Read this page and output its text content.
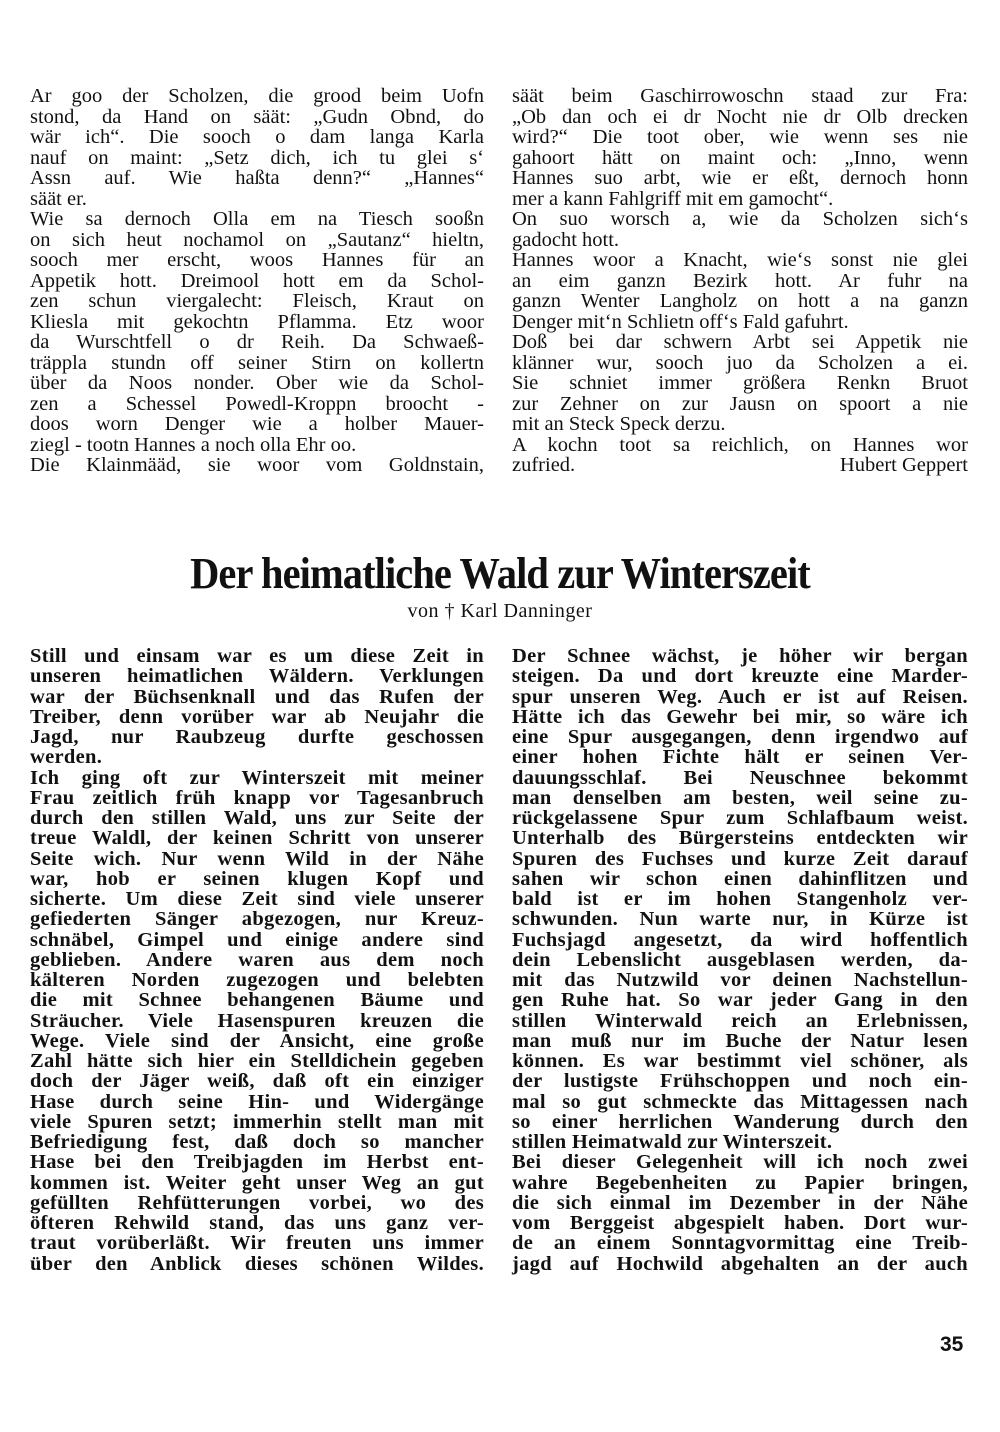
Ar goo der Scholzen, die grood beim Uofn
stond, da Hand on säät: „Gudn Obnd, do
wär ich“. Die sooch o dam langa Karla
nauf on maint: „Setz dich, ich tu glei s‘
Assn auf. Wie haßta denn?“ „Hannes“
säät er.
Wie sa dernoch Olla em na Tiesch sooßn
on sich heut nochamol on „Sautanz“ hieltn,
sooch mer erscht, woos Hannes für an
Appetik hott. Dreimool hott em da Schol-
zen schun viergalecht: Fleisch, Kraut on
Kliesla mit gekochtn Pflamma. Etz woor
da Wurschtfell o dr Reih. Da Schwaeß-
träppla stundn off seiner Stirn on kollertn
über da Noos nonder. Ober wie da Schol-
zen a Schessel Powedl-Kroppn broocht -
doos worn Denger wie a holber Mauer-
ziegl - tootn Hannes a noch olla Ehr oo.
Die Klainmääd, sie woor vom Goldnstain,
säät beim Gaschirrowoschn staad zur Fra:
„Ob dan och ei dr Nocht nie dr Olb drecken
wird?“ Die toot ober, wie wenn ses nie
gahoort hätt on maint och: „Inno, wenn
Hannes suo arbt, wie er eßt, dernoch honn
mer a kann Fahlgriff mit em gamocht“.
On suo worsch a, wie da Scholzen sich‘s
gadocht hott.
Hannes woor a Knacht, wie‘s sonst nie glei
an eim ganzn Bezirk hott. Ar fuhr na
ganzn Wenter Langholz on hott a na ganzn
Denger mit‘n Schlietn off‘s Fald gafuhrt.
Doß bei dar schwern Arbt sei Appetik nie
klänner wur, sooch juo da Scholzen a ei.
Sie schniet immer größera Renkn Bruot
zur Zehner on zur Jausn on spoort a nie
mit an Steck Speck derzu.
A kochn toot sa reichlich, on Hannes wor
zufried.	Hubert Geppert
Der heimatliche Wald zur Winterszeit
von † Karl Danninger
Still und einsam war es um diese Zeit in
unseren heimatlichen Wäldern. Verklungen
war der Büchsenknall und das Rufen der
Treiber, denn vorüber war ab Neujahr die
Jagd, nur Raubzeug durfte geschossen
werden.
Ich ging oft zur Winterszeit mit meiner
Frau zeitlich früh knapp vor Tagesanbruch
durch den stillen Wald, uns zur Seite der
treue Waldl, der keinen Schritt von unserer
Seite wich. Nur wenn Wild in der Nähe
war, hob er seinen klugen Kopf und
sicherte. Um diese Zeit sind viele unserer
gefiederten Sänger abgezogen, nur Kreuz-
schnäbel, Gimpel und einige andere sind
geblieben. Andere waren aus dem noch
kälteren Norden zugezogen und belebten
die mit Schnee behangenen Bäume und
Sträucher. Viele Hasenspuren kreuzen die
Wege. Viele sind der Ansicht, eine große
Zahl hätte sich hier ein Stelldichein gegeben
doch der Jäger weiß, daß oft ein einziger
Hase durch seine Hin- und Widergänge
viele Spuren setzt; immerhin stellt man mit
Befriedigung fest, daß doch so mancher
Hase bei den Treibjagden im Herbst ent-
kommen ist. Weiter geht unser Weg an gut
gefüllten Rehfütterungen vorbei, wo des
öfteren Rehwild stand, das uns ganz ver-
traut vorüberläßt. Wir freuten uns immer
über den Anblick dieses schönen Wildes.
Der Schnee wächst, je höher wir bergan
steigen. Da und dort kreuzte eine Marder-
spur unseren Weg. Auch er ist auf Reisen.
Hätte ich das Gewehr bei mir, so wäre ich
eine Spur ausgegangen, denn irgendwo auf
einer hohen Fichte hält er seinen Ver-
dauungsschlaf. Bei Neuschnee bekommt
man denselben am besten, weil seine zu-
rückgelassene Spur zum Schlafbaum weist.
Unterhalb des Bürgersteins entdeckten wir
Spuren des Fuchses und kurze Zeit darauf
sahen wir schon einen dahinflitzen und
bald ist er im hohen Stangenholz ver-
schwunden. Nun warte nur, in Kürze ist
Fuchsjagd angesetzt, da wird hoffentlich
dein Lebenslicht ausgeblasen werden, da-
mit das Nutzwild vor deinen Nachstellun-
gen Ruhe hat. So war jeder Gang in den
stillen Winterwald reich an Erlebnissen,
man muß nur im Buche der Natur lesen
können. Es war bestimmt viel schöner, als
der lustigste Frühschoppen und noch ein-
mal so gut schmeckte das Mittagessen nach
so einer herrlichen Wanderung durch den
stillen Heimatwald zur Winterszeit.
Bei dieser Gelegenheit will ich noch zwei
wahre Begebenheiten zu Papier bringen,
die sich einmal im Dezember in der Nähe
vom Berggeist abgespielt haben. Dort wur-
de an einem Sonntagvormittag eine Treib-
jagd auf Hochwild abgehalten an der auch
35
